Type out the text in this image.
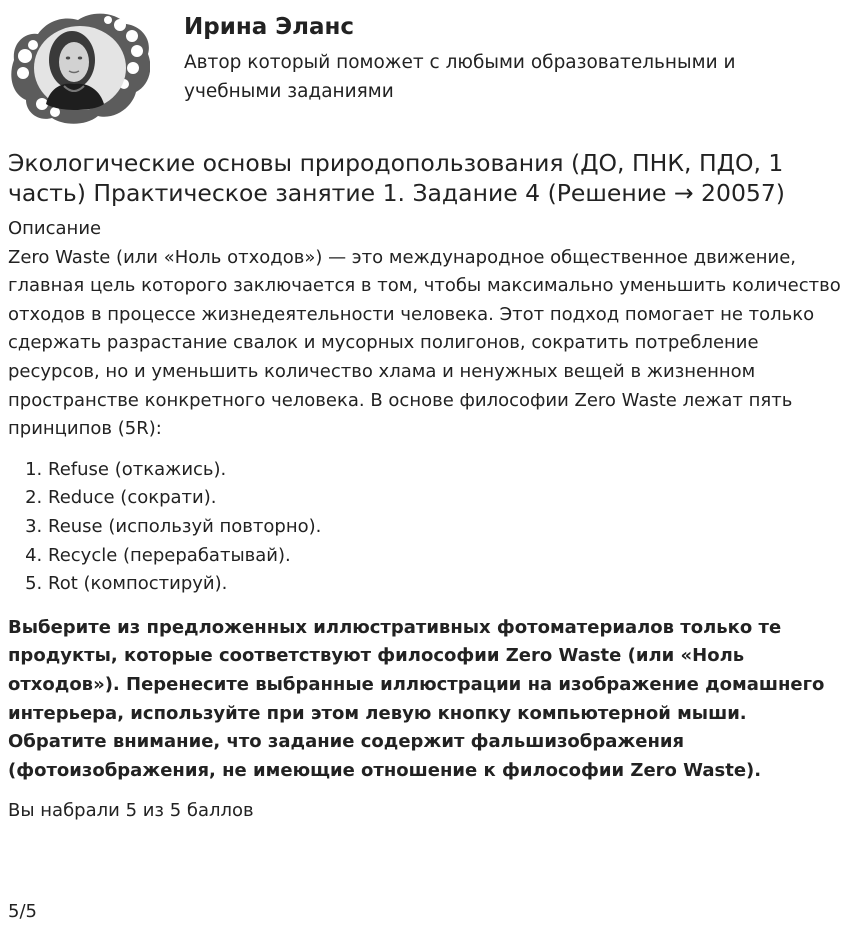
Ирина Эланс
Автор который поможет с любыми образовательными и учебными заданиями
Экологические основы природопользования (ДО, ПНК, ПДО, 1 часть) Практическое занятие 1. Задание 4 (Решение → 20057)

Описание

Zero Waste (или «Ноль отходов») — это международное общественное движение, главная цель которого заключается в том, чтобы максимально уменьшить количество отходов в процессе жизнедеятельности человека. Этот подход помогает не только сдержать разрастание свалок и мусорных полигонов, сократить потребление ресурсов, но и уменьшить количество хлама и ненужных вещей в жизненном пространстве конкретного человека. В основе философии Zero Waste лежат пять принципов (5R):

1. Refuse (откажись).
2. Reduce (сократи).
3. Reuse (используй повторно).
4. Recycle (перерабатывай).
5. Rot (компостируй).

Выберите из предложенных иллюстративных фотоматериалов только те продукты, которые соответствуют философии Zero Waste (или «Ноль отходов»). Перенесите выбранные иллюстрации на изображение домашнего интерьера, используйте при этом левую кнопку компьютерной мыши. Обратите внимание, что задание содержит фальшизображения (фотоизображения, не имеющие отношение к философии Zero Waste).

Вы набрали 5 из 5 баллов

5/5
